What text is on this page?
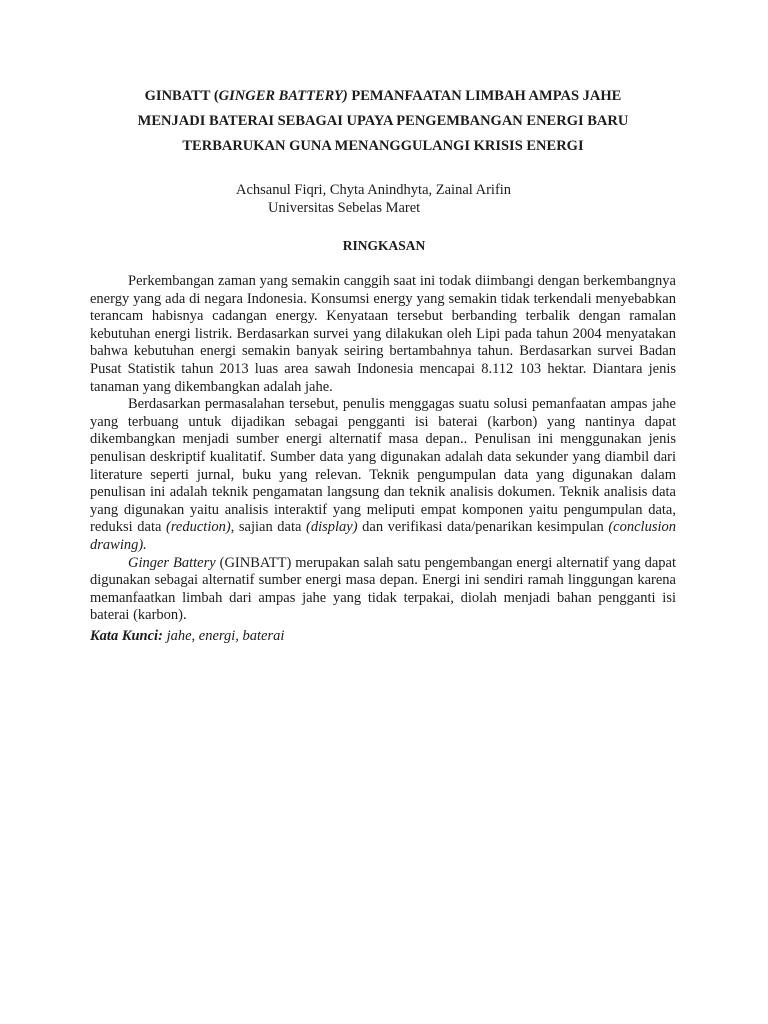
GINBATT (GINGER BATTERY) PEMANFAATAN LIMBAH AMPAS JAHE
MENJADI BATERAI SEBAGAI UPAYA PENGEMBANGAN ENERGI BARU
TERBARUKAN GUNA MENANGGULANGI KRISIS ENERGI

Achsanul Fiqri, Chyta Anindhyta, Zainal Arifin

Universitas Sebelas Maret

RINGKASAN

Perkembangan zaman yang semakin canggih saat ini todak diimbangi dengan berkembangnya energy yang ada di negara Indonesia. Konsumsi energy yang semakin tidak terkendali menyebabkan terancam habisnya cadangan energy. Kenyataan tersebut berbanding terbalik dengan ramalan kebutuhan energi listrik. Berdasarkan survei yang dilakukan oleh Lipi pada tahun 2004 menyatakan bahwa kebutuhan energi semakin banyak seiring bertambahnya tahun. Berdasarkan survei Badan Pusat Statistik tahun 2013 luas area sawah Indonesia mencapai 8.112 103 hektar. Diantara jenis tanaman yang dikembangkan adalah jahe.

Berdasarkan permasalahan tersebut, penulis menggagas suatu solusi pemanfaatan ampas jahe yang terbuang untuk dijadikan sebagai pengganti isi baterai (karbon) yang nantinya dapat dikembangkan menjadi sumber energi alternatif masa depan.. Penulisan ini menggunakan jenis penulisan deskriptif kualitatif. Sumber data yang digunakan adalah data sekunder yang diambil dari literature seperti jurnal, buku yang relevan. Teknik pengumpulan data yang digunakan dalam penulisan ini adalah teknik pengamatan langsung dan teknik analisis dokumen. Teknik analisis data yang digunakan yaitu analisis interaktif yang meliputi empat komponen yaitu pengumpulan data, reduksi data (reduction), sajian data (display) dan verifikasi data/penarikan kesimpulan (conclusion drawing).

Ginger Battery (GINBATT) merupakan salah satu pengembangan energi alternatif yang dapat digunakan sebagai alternatif sumber energi masa depan. Energi ini sendiri ramah linggungan karena memanfaatkan limbah dari ampas jahe yang tidak terpakai, diolah menjadi bahan pengganti isi baterai (karbon).

Kata Kunci: jahe, energi, baterai
